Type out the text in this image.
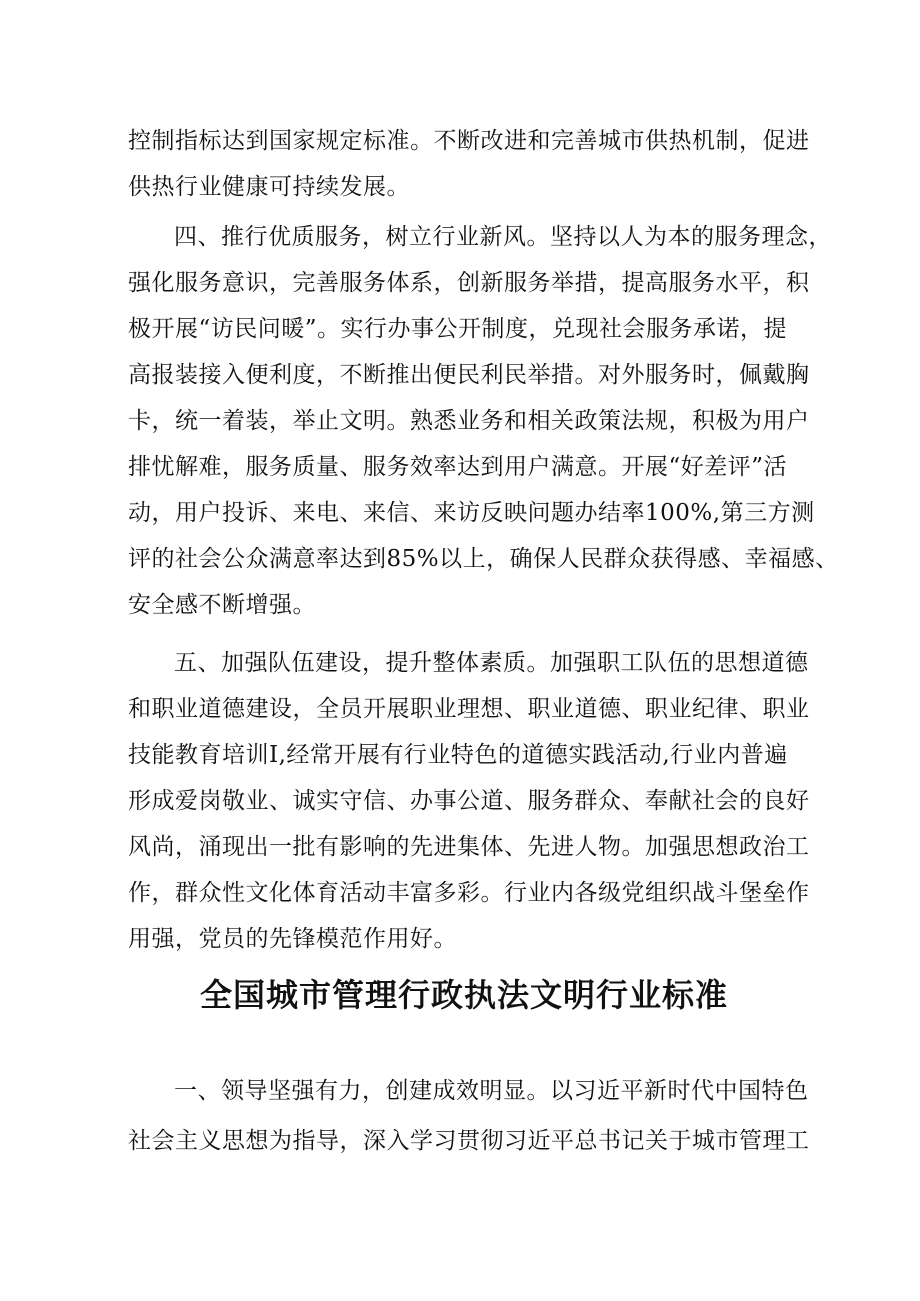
控制指标达到国家规定标准。不断改进和完善城市供热机制，促进
供热行业健康可持续发展。
四、推行优质服务，树立行业新风。坚持以人为本的服务理念，
强化服务意识，完善服务体系，创新服务举措，提高服务水平，积
极开展“访民问暖”。实行办事公开制度，兑现社会服务承诺，提
高报装接入便利度，不断推出便民利民举措。对外服务时，佩戴胸
卡，统一着装，举止文明。熟悉业务和相关政策法规，积极为用户
排忧解难，服务质量、服务效率达到用户满意。开展“好差评”活
动，用户投诉、来电、来信、来访反映问题办结率100%,第三方测
评的社会公众满意率达到85%以上，确保人民群众获得感、幸福感、
安全感不断增强。
五、加强队伍建设，提升整体素质。加强职工队伍的思想道德
和职业道德建设，全员开展职业理想、职业道德、职业纪律、职业
技能教育培训I,经常开展有行业特色的道德实践活动,行业内普遍
形成爱岗敬业、诚实守信、办事公道、服务群众、奉献社会的良好
风尚，涌现出一批有影响的先进集体、先进人物。加强思想政治工
作，群众性文化体育活动丰富多彩。行业内各级党组织战斗堡垒作
用强，党员的先锋模范作用好。
全国城市管理行政执法文明行业标准
一、领导坚强有力，创建成效明显。以习近平新时代中国特色
社会主义思想为指导，深入学习贯彻习近平总书记关于城市管理工
